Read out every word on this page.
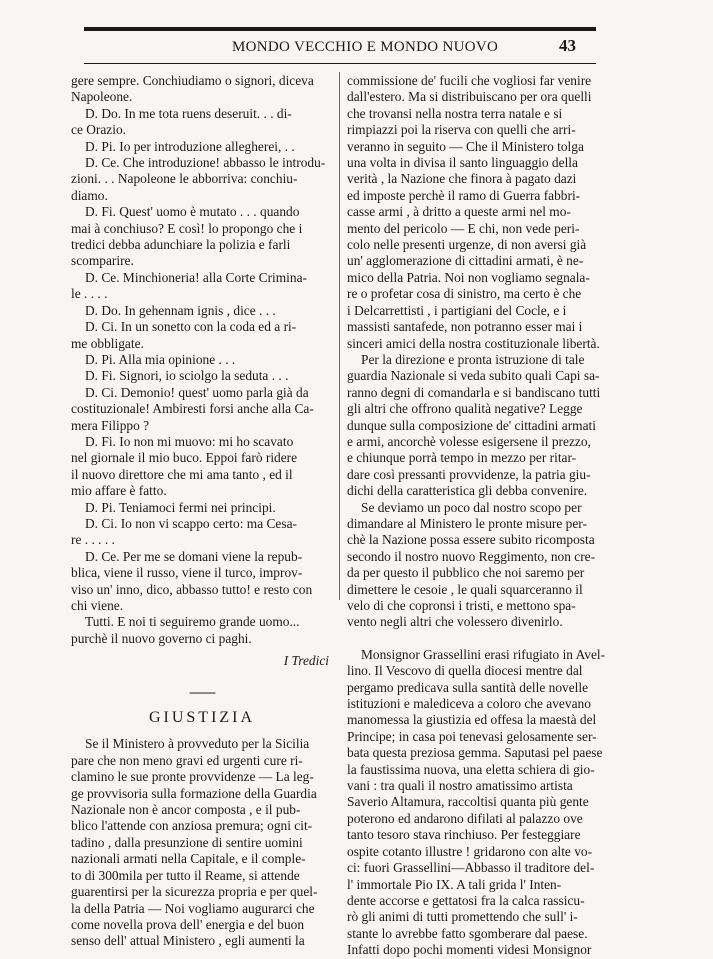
MONDO VECCHIO E MONDO NUOVO	43
gere sempre. Conchiudiamo o signori, diceva
Napoleone.
D. Do. In me tota ruens deseruit. . . di-
ce Orazio.
D. Pi. Io per introduzione allegherei, . .
D. Ce. Che introduzione! abbasso le introdu-
zioni. . . Napoleone le abborriva: conchiu-
diamo.
D. Fi. Quest' uomo è mutato . . . quando
mai à conchiuso? E così! lo propongo che i
tredici debba adunchiare la polizia e farli
scomparire.
D. Ce. Minchioneria! alla Corte Crimina-
le . . . .
D. Do. In gehennam ignis , dice . . .
D. Ci. In un sonetto con la coda ed a ri-
me obbligate.
D. Pi. Alla mia opinione . . .
D. Fi. Signori, io sciolgo la seduta . . .
D. Ci. Demonio! quest' uomo parla già da
costituzionale! Ambiresti forsi anche alla Ca-
mera Filippo ?
D. Fi. Io non mi muovo: mi ho scavato
nel giornale il mio buco. Eppoi farò ridere
il nuovo direttore che mi ama tanto , ed il
mio affare è fatto.
D. Pi. Teniamoci fermi nei principi.
D. Ci. Io non vi scappo certo: ma Cesa-
re . . . . .
D. Ce. Per me se domani viene la repub-
blica, viene il russo, viene il turco, improv-
viso un' inno, dico, abbasso tutto! e resto con
chi viene.
Tutti. E noi ti seguiremo grande uomo...
purchè il nuovo governo ci paghi.
I Tredici
——
GIUSTIZIA
Se il Ministero à provveduto per la Sicilia
pare che non meno gravi ed urgenti cure ri-
clamino le sue pronte provvidenze — La leg-
ge provvisoria sulla formazione della Guardia
Nazionale non è ancor composta , e il pub-
blico l'attende con anziosa premura; ogni cit-
tadino , dalla presunzione di sentire uomini
nazionali armati nella Capitale, e il comple-
to di 300mila per tutto il Reame, si attende
guarentirsi per la sicurezza propria e per quel-
la della Patria — Noi vogliamo augurarci che
come novella prova dell' energia e del buon
senso dell' attual Ministero , egli aumenti la
commissione de' fucili che vogliosi far venire
dall'estero. Ma si distribuiscano per ora quelli
che trovansi nella nostra terra natale e si
rimpiazzi poi la riserva con quelli che arri-
veranno in seguito — Che il Ministero tolga
una volta in divisa il santo linguaggio della
verità , la Nazione che finora à pagato dazi
ed imposte perchè il ramo di Guerra fabbri-
casse armi , à dritto a queste armi nel mo-
mento del pericolo — E chi, non vede peri-
colo nelle presenti urgenze, di non aversi già
un' agglomerazione di cittadini armati, è ne-
mico della Patria. Noi non vogliamo segnala-
re o profetar cosa di sinistro, ma certo è che
i Delcarrettisti , i partigiani del Cocle, e i
massisti santafede, non potranno esser mai i
sinceri amici della nostra costituzionale libertà.
Per la direzione e pronta istruzione di tale
guardia Nazionale si veda subito quali Capi sa-
ranno degni di comandarla e si bandiscano tutti
gli altri che offrono qualità negative? Legge
dunque sulla composizione de' cittadini armati
e armi, ancorchè volesse esigersene il prezzo,
e chiunque porrà tempo in mezzo per ritar-
dare così pressanti provvidenze, la patria giu-
dichi della caratteristica gli debba convenire.
Se deviamo un poco dal nostro scopo per
dimandare al Ministero le pronte misure per-
chè la Nazione possa essere subito ricomposta
secondo il nostro nuovo Reggimento, non cre-
da per questo il pubblico che noi saremo per
dimettere le cesoie , le quali squarceranno il
velo di che copronsi i tristi, e mettono spa-
vento negli altri che volessero divenirlo.
Monsignor Grassellini erasi rifugiato in Avel-
lino. Il Vescovo di quella diocesi mentre dal
pergamo predicava sulla santità delle novelle
istituzioni e malediceva a coloro che avevano
manomessa la giustizia ed offesa la maestà del
Principe; in casa poi tenevasi gelosamente ser-
bata questa preziosa gemma. Saputasi pel paese
la faustissima nuova, una eletta schiera di gio-
vani : tra quali il nostro amatissimo artista
Saverio Altamura, raccoltisi quanta più gente
poterono ed andarono difilati al palazzo ove
tanto tesoro stava rinchiuso. Per festeggiare
ospite cotanto illustre ! gridarono con alte vo-
ci: fuori Grassellini—Abbasso il traditore del-
l' immortale Pio IX. A tali grida l' Inten-
dente accorse e gettatosi fra la calca rassicu-
rò gli animi di tutti promettendo che sull' i-
stante lo avrebbe fatto sgomberare dal paese.
Infatti dopo pochi momenti videsi Monsignor
